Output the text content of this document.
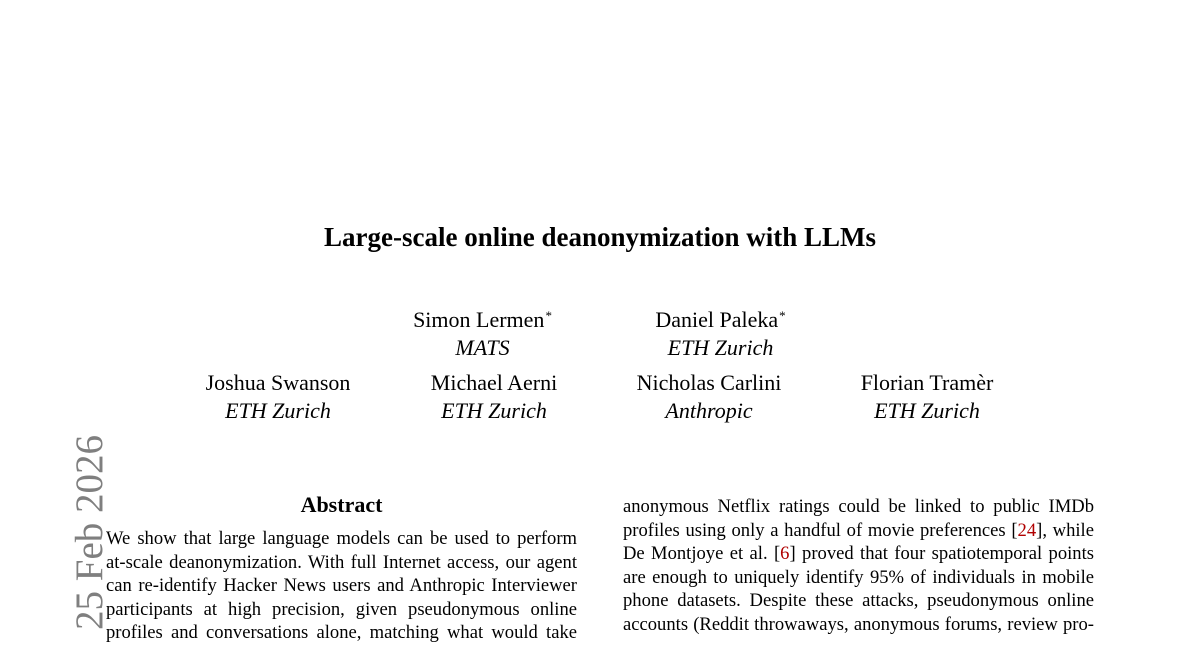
Large-scale online deanonymization with LLMs
Simon Lermen*
MATS
Daniel Paleka*
ETH Zurich
Joshua Swanson
ETH Zurich
Michael Aerni
ETH Zurich
Nicholas Carlini
Anthropic
Florian Tramèr
ETH Zurich
25 Feb 2026	Abstract
We show that large language models can be used to perform
at-scale deanonymization. With full Internet access, our agent
can re-identify Hacker News users and Anthropic Interviewer
participants at high precision, given pseudonymous online
profiles and conversations alone, matching what would take
anonymous Netflix ratings could be linked to public IMDb
profiles using only a handful of movie preferences [24], while
De Montjoye et al. [6] proved that four spatiotemporal points
are enough to uniquely identify 95% of individuals in mobile
phone datasets. Despite these attacks, pseudonymous online
accounts (Reddit throwaways, anonymous forums, review pro-
